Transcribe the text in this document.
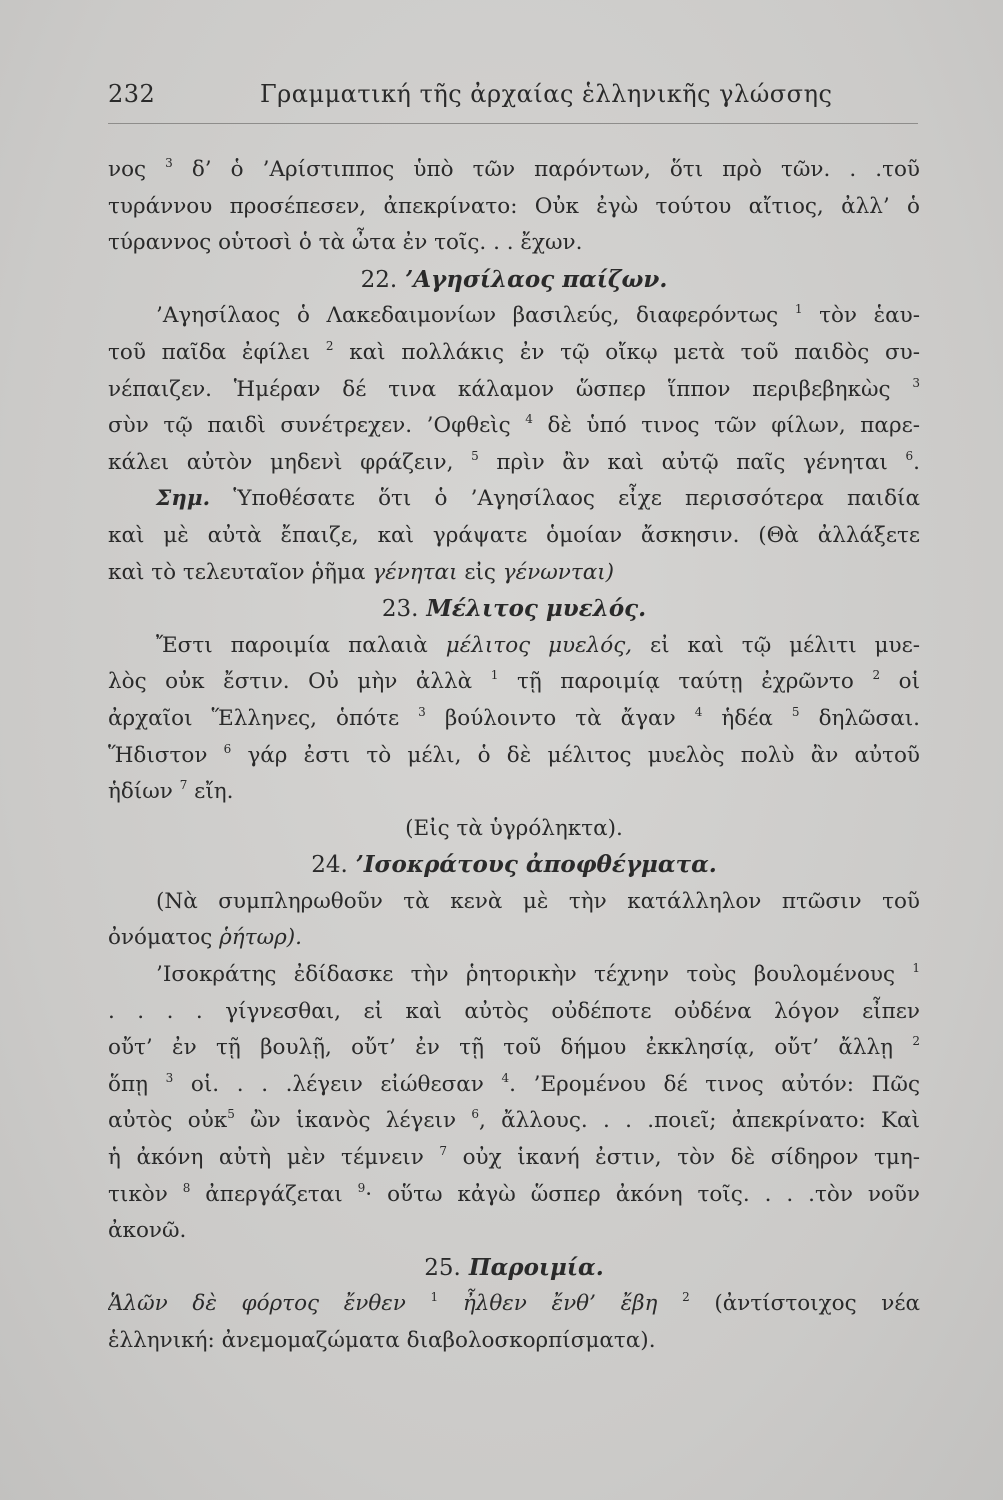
232	Γραμματική τῆς ἀρχαίας ἑλληνικῆς γλώσσης
νος $^3$ δ’ ὁ ’Αρίστιππος ὑπὸ τῶν παρόντων, ὅτι πρὸ τῶν. . .τοῦ
τυράννου προσέπεσεν, ἀπεκρίνατο: Οὐκ ἐγὼ τούτου αἴτιος, ἀλλ’ ὁ
τύραννος οὑτοσὶ ὁ τὰ ὦτα ἐν τοῖς. . . ἔχων.
22. ’Αγησίλαος παίζων.
’Αγησίλαος ὁ Λακεδαιμονίων βασιλεύς, διαφερόντως $^1$ τὸν ἑαυ-
τοῦ παῖδα ἐφίλει $^2$ καὶ πολλάκις ἐν τῷ οἴκῳ μετὰ τοῦ παιδὸς συ-
νέπαιζεν. Ἡμέραν δέ τινα κάλαμον ὥσπερ ἵππον περιβεβηκὼς $^3$
σὺν τῷ παιδὶ συνέτρεχεν. ’Οφθεὶς $^4$ δὲ ὑπό τινος τῶν φίλων, παρε-
κάλει αὐτὸν μηδενὶ φράζειν, $^5$ πρὶν ἂν καὶ αὐτῷ παῖς γένηται $^6$.
Σημ. Ὑποθέσατε ὅτι ὁ ’Αγησίλαος εἶχε περισσότερα παιδία
καὶ μὲ αὐτὰ ἔπαιζε, καὶ γράψατε ὁμοίαν ἄσκησιν. (Θὰ ἀλλάξετε
καὶ τὸ τελευταῖον ῥῆμα γένηται εἰς γένωνται)
23. Μέλιτος μυελός.
Ἔστι παροιμία παλαιὰ μέλιτος μυελός, εἰ καὶ τῷ μέλιτι μυε-
λὸς οὐκ ἔστιν. Οὐ μὴν ἀλλὰ $^1$ τῇ παροιμίᾳ ταύτῃ ἐχρῶντο $^2$ οἱ
ἀρχαῖοι Ἕλληνες, ὁπότε $^3$ βούλοιντο τὰ ἄγαν $^4$ ἡδέα $^5$ δηλῶσαι.
Ἥδιστον $^6$ γάρ ἐστι τὸ μέλι, ὁ δὲ μέλιτος μυελὸς πολὺ ἂν αὐτοῦ
ἡδίων $^7$ εἴη.
(Εἰς τὰ ὑγρόληκτα).
24. ’Ισοκράτους ἀποφθέγματα.
(Νὰ συμπληρωθοῦν τὰ κενὰ μὲ τὴν κατάλληλον πτῶσιν τοῦ
ὀνόματος ῥήτωρ).
’Ισοκράτης ἐδίδασκε τὴν ῥητορικὴν τέχνην τοὺς βουλομένους $^1$
. . . . γίγνεσθαι, εἰ καὶ αὐτὸς οὐδέποτε οὐδένα λόγον εἶπεν
οὔτ’ ἐν τῇ βουλῇ, οὔτ’ ἐν τῇ τοῦ δήμου ἐκκλησίᾳ, οὔτ’ ἄλλῃ $^2$
ὅπῃ $^3$ οἱ. . . .λέγειν εἰώθεσαν $^4$. ’Ερομένου δέ τινος αὐτόν: Πῶς
αὐτὸς οὐκ$^5$ ὢν ἱκανὸς λέγειν $^6$, ἄλλους. . . .ποιεῖ; ἀπεκρίνατο: Καὶ
ἡ ἀκόνη αὐτὴ μὲν τέμνειν $^7$ οὐχ ἱκανή ἐστιν, τὸν δὲ σίδηρον τμη-
τικὸν $^8$ ἀπεργάζεται $^9$· οὕτω κἀγὼ ὥσπερ ἀκόνη τοῖς. . . .τὸν νοῦν
ἀκονῶ.
25. Παροιμία.
Ἁλῶν δὲ φόρτος ἔνθεν $^1$ ἦλθεν ἔνθ’ ἔβη $^2$ (ἀντίστοιχος νέα
ἑλληνική: ἀνεμομαζώματα διαβολοσκορπίσματα).
